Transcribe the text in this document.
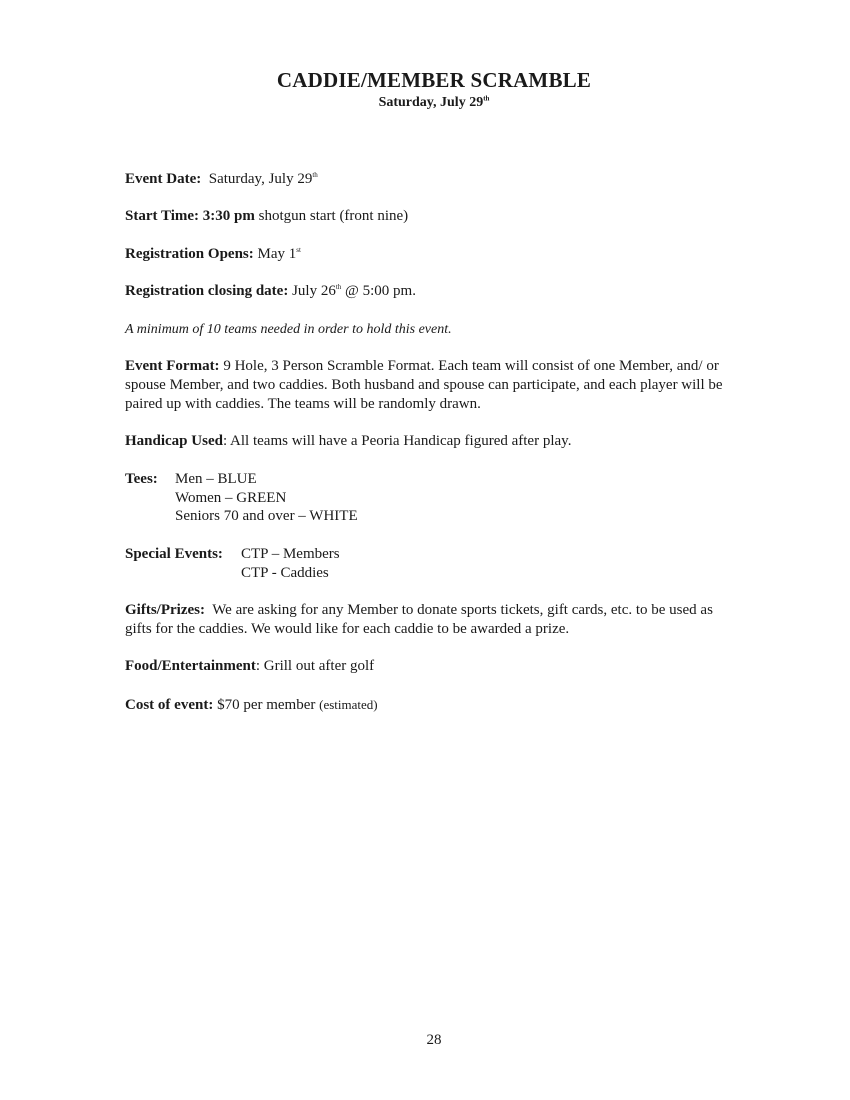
CADDIE/MEMBER SCRAMBLE
Saturday, July 29th
Event Date: Saturday, July 29th
Start Time: 3:30 pm shotgun start (front nine)
Registration Opens: May 1st
Registration closing date: July 26th @ 5:00 pm.
A minimum of 10 teams needed in order to hold this event.
Event Format: 9 Hole, 3 Person Scramble Format. Each team will consist of one Member, and/ or spouse Member, and two caddies. Both husband and spouse can participate, and each player will be paired up with caddies. The teams will be randomly drawn.
Handicap Used: All teams will have a Peoria Handicap figured after play.
Tees:	Men – BLUE
Women – GREEN
Seniors 70 and over – WHITE
Special Events:	CTP – Members
CTP - Caddies
Gifts/Prizes: We are asking for any Member to donate sports tickets, gift cards, etc. to be used as gifts for the caddies. We would like for each caddie to be awarded a prize.
Food/Entertainment: Grill out after golf
Cost of event: $70 per member (estimated)
28
